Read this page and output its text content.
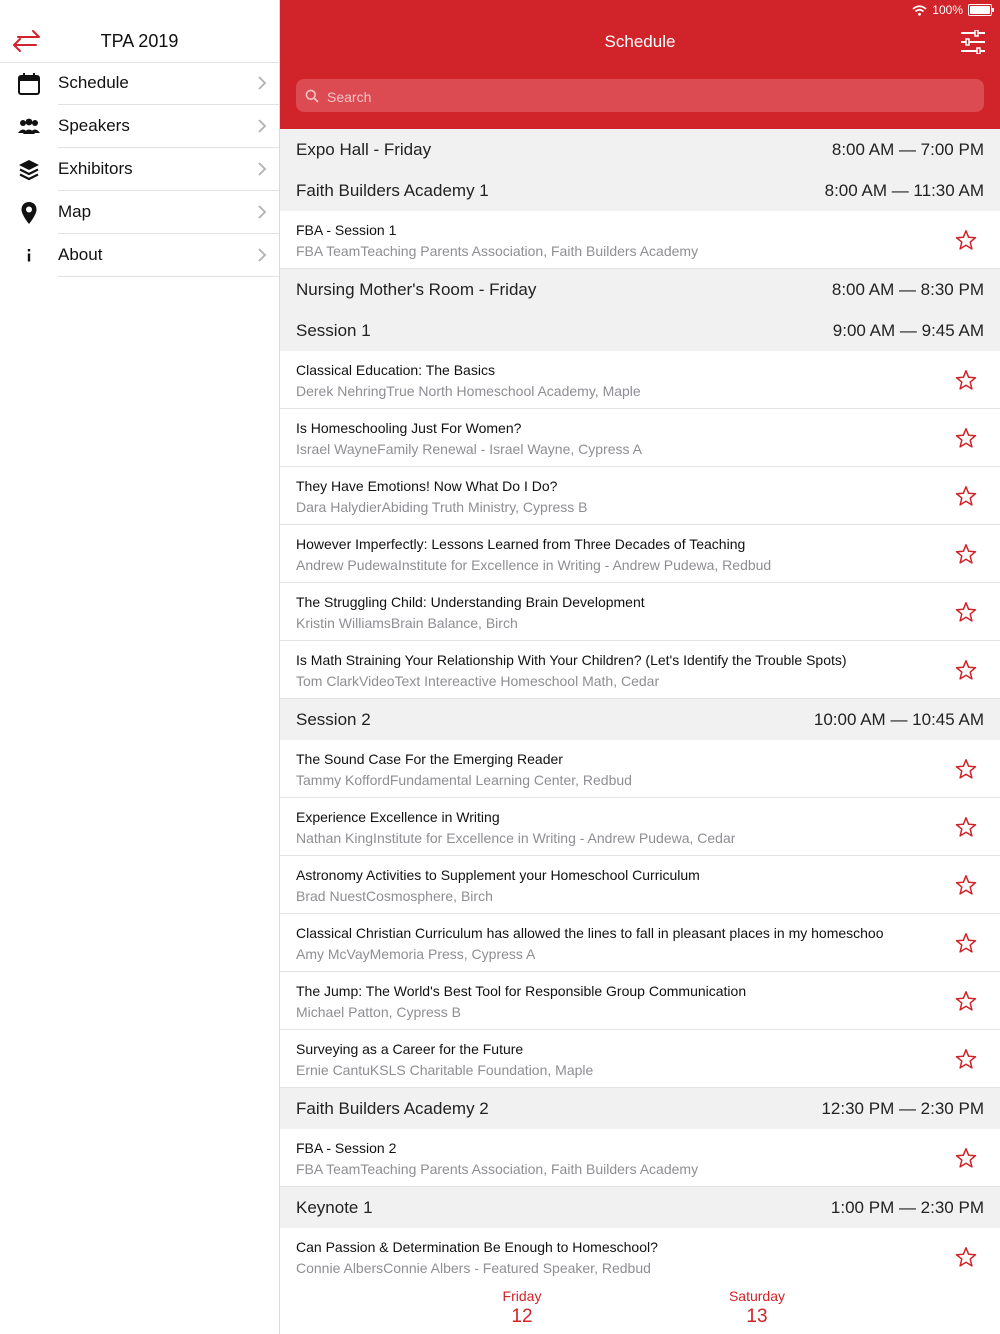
TPA 2019
Schedule
Speakers
Exhibitors
Map
About
100%
Schedule
Search
Expo Hall - Friday	8:00 AM — 7:00 PM
Faith Builders Academy 1	8:00 AM — 11:30 AM
FBA - Session 1
FBA TeamTeaching Parents Association, Faith Builders Academy
Nursing Mother's Room - Friday	8:00 AM — 8:30 PM
Session 1	9:00 AM — 9:45 AM
Classical Education: The Basics
Derek NehringTrue North Homeschool Academy, Maple
Is Homeschooling Just For Women?
Israel WayneFamily Renewal - Israel Wayne, Cypress A
They Have Emotions! Now What Do I Do?
Dara HalydierAbiding Truth Ministry, Cypress B
However Imperfectly: Lessons Learned from Three Decades of Teaching
Andrew PudewaInstitute for Excellence in Writing - Andrew Pudewa, Redbud
The Struggling Child: Understanding Brain Development
Kristin WilliamsBrain Balance, Birch
Is Math Straining Your Relationship With Your Children? (Let's Identify the Trouble Spots)
Tom ClarkVideoText Intereactive Homeschool Math, Cedar
Session 2	10:00 AM — 10:45 AM
The Sound Case For the Emerging Reader
Tammy KoffordFundamental Learning Center, Redbud
Experience Excellence in Writing
Nathan KingInstitute for Excellence in Writing - Andrew Pudewa, Cedar
Astronomy Activities to Supplement your Homeschool Curriculum
Brad NuestCosmosphere, Birch
Classical Christian Curriculum has allowed the lines to fall in pleasant places in my homeschoo
Amy McVayMemoria Press, Cypress A
The Jump: The World's Best Tool for Responsible Group Communication
Michael Patton, Cypress B
Surveying as a Career for the Future
Ernie CantuKSLS Charitable Foundation, Maple
Faith Builders Academy 2	12:30 PM — 2:30 PM
FBA - Session 2
FBA TeamTeaching Parents Association, Faith Builders Academy
Keynote 1	1:00 PM — 2:30 PM
Can Passion & Determination Be Enough to Homeschool?
Connie AlbersConnie Albers - Featured Speaker, Redbud
Friday
12
Saturday
13
